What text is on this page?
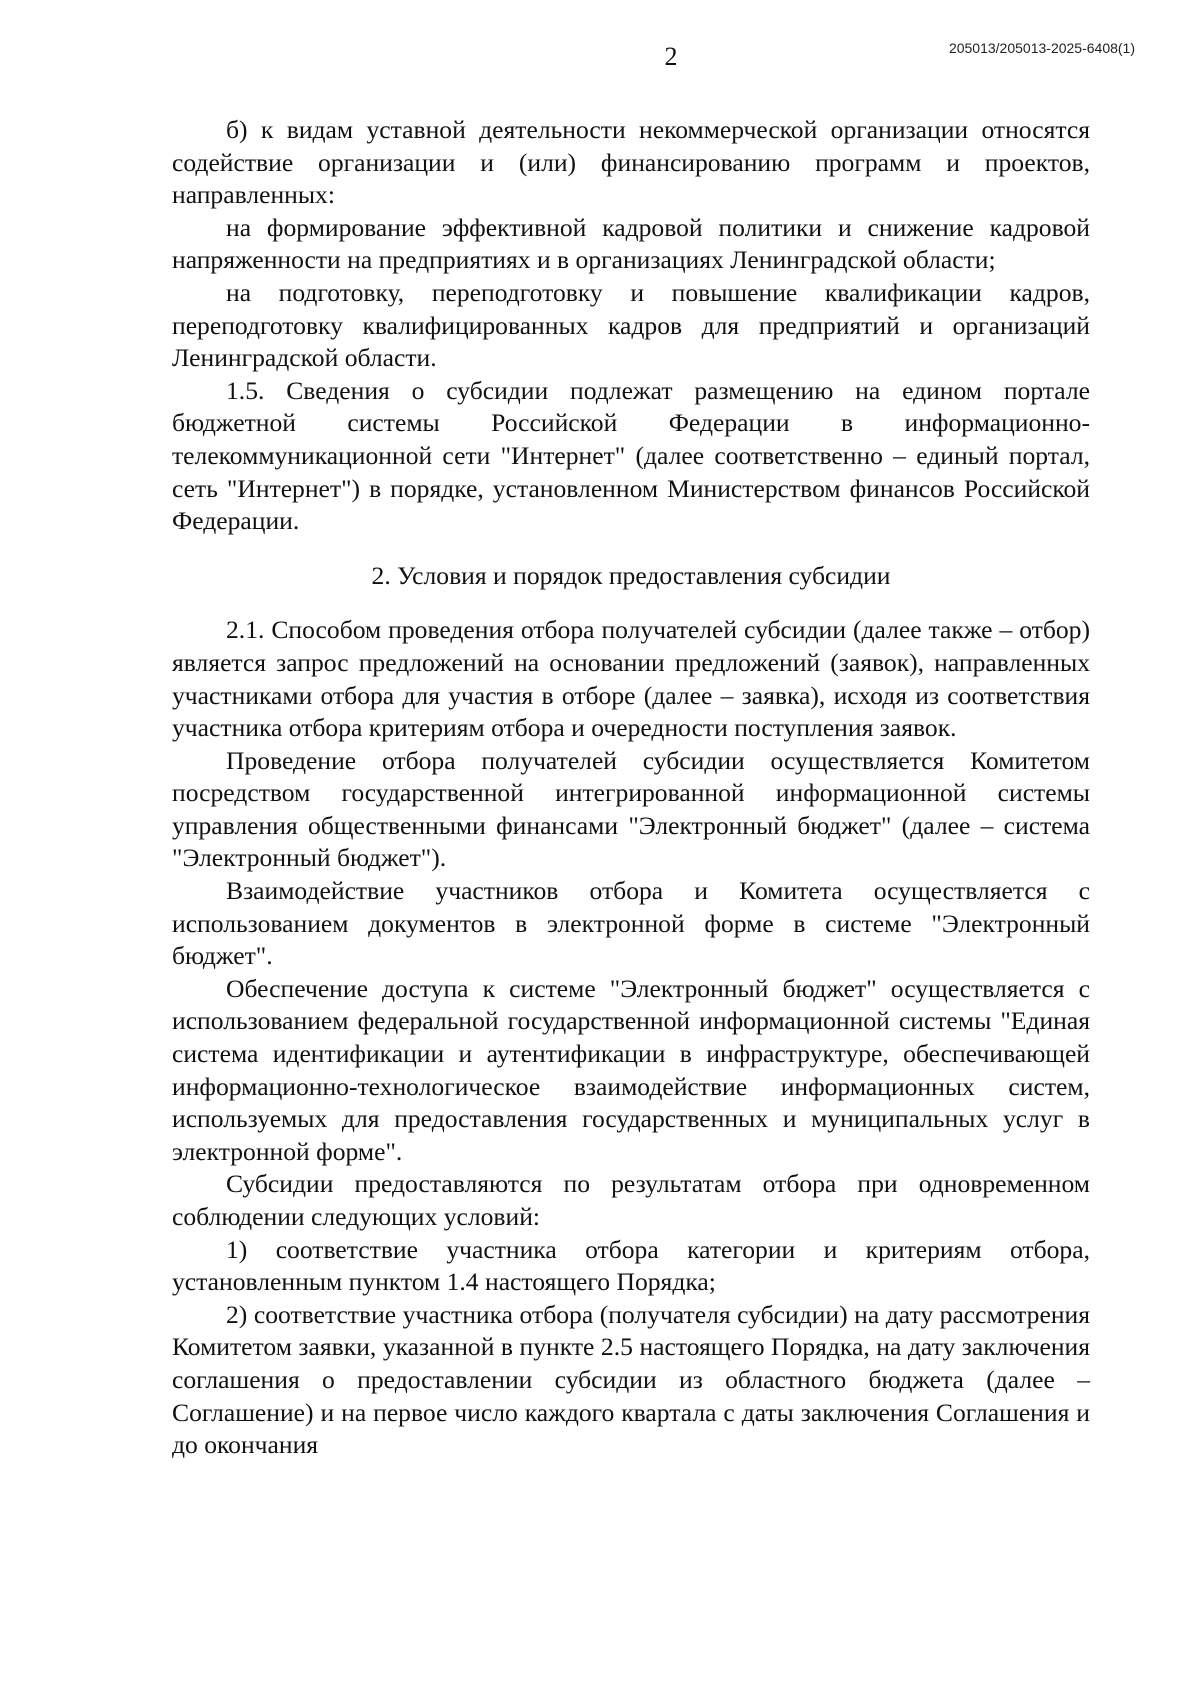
2	205013/205013-2025-6408(1)

б) к видам уставной деятельности некоммерческой организации относятся содействие организации и (или) финансированию программ и проектов, направленных:

на формирование эффективной кадровой политики и снижение кадровой напряженности на предприятиях и в организациях Ленинградской области;

на подготовку, переподготовку и повышение квалификации кадров, переподготовку квалифицированных кадров для предприятий и организаций Ленинградской области.

1.5. Сведения о субсидии подлежат размещению на едином портале бюджетной системы Российской Федерации в информационно-телекоммуникационной сети "Интернет" (далее соответственно – единый портал, сеть "Интернет") в порядке, установленном Министерством финансов Российской Федерации.

2. Условия и порядок предоставления субсидии

2.1. Способом проведения отбора получателей субсидии (далее также – отбор) является запрос предложений на основании предложений (заявок), направленных участниками отбора для участия в отборе (далее – заявка), исходя из соответствия участника отбора критериям отбора и очередности поступления заявок.

Проведение отбора получателей субсидии осуществляется Комитетом посредством государственной интегрированной информационной системы управления общественными финансами "Электронный бюджет" (далее – система "Электронный бюджет").

Взаимодействие участников отбора и Комитета осуществляется с использованием документов в электронной форме в системе "Электронный бюджет".

Обеспечение доступа к системе "Электронный бюджет" осуществляется с использованием федеральной государственной информационной системы "Единая система идентификации и аутентификации в инфраструктуре, обеспечивающей информационно-технологическое взаимодействие информационных систем, используемых для предоставления государственных и муниципальных услуг в электронной форме".

Субсидии предоставляются по результатам отбора при одновременном соблюдении следующих условий:

1) соответствие участника отбора категории и критериям отбора, установленным пунктом 1.4 настоящего Порядка;

2) соответствие участника отбора (получателя субсидии) на дату рассмотрения Комитетом заявки, указанной в пункте 2.5 настоящего Порядка, на дату заключения соглашения о предоставлении субсидии из областного бюджета (далее – Соглашение) и на первое число каждого квартала с даты заключения Соглашения и до окончания
